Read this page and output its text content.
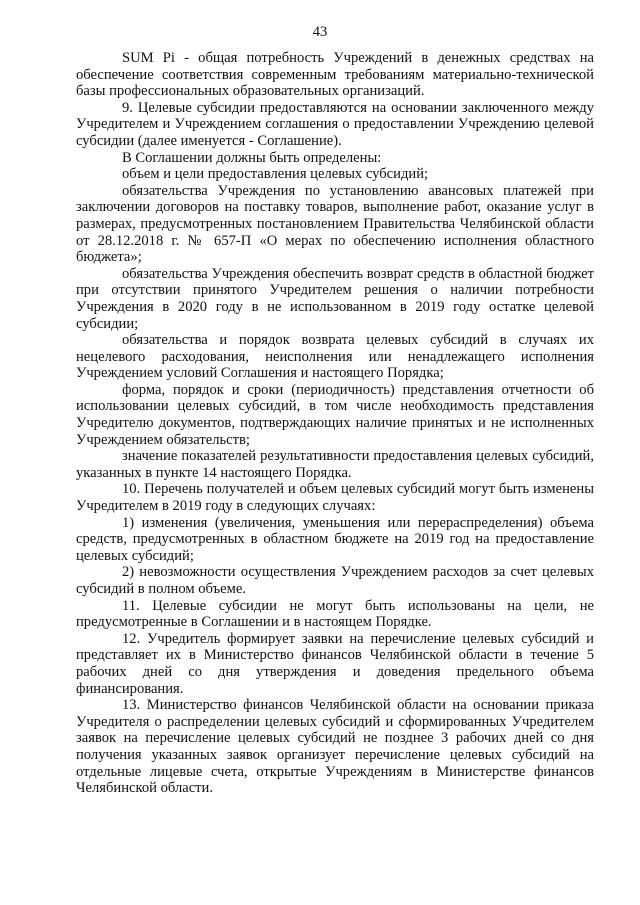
43

SUM Pi - общая потребность Учреждений в денежных средствах на обеспечение соответствия современным требованиям материально-технической базы профессиональных образовательных организаций.

9. Целевые субсидии предоставляются на основании заключенного между Учредителем и Учреждением соглашения о предоставлении Учреждению целевой субсидии (далее именуется - Соглашение).

В Соглашении должны быть определены:

объем и цели предоставления целевых субсидий;

обязательства Учреждения по установлению авансовых платежей при заключении договоров на поставку товаров, выполнение работ, оказание услуг в размерах, предусмотренных постановлением Правительства Челябинской области от 28.12.2018 г. № 657-П «О мерах по обеспечению исполнения областного бюджета»;

обязательства Учреждения обеспечить возврат средств в областной бюджет при отсутствии принятого Учредителем решения о наличии потребности Учреждения в 2020 году в не использованном в 2019 году остатке целевой субсидии;

обязательства и порядок возврата целевых субсидий в случаях их нецелевого расходования, неисполнения или ненадлежащего исполнения Учреждением условий Соглашения и настоящего Порядка;

форма, порядок и сроки (периодичность) представления отчетности об использовании целевых субсидий, в том числе необходимость представления Учредителю документов, подтверждающих наличие принятых и не исполненных Учреждением обязательств;

значение показателей результативности предоставления целевых субсидий, указанных в пункте 14 настоящего Порядка.

10. Перечень получателей и объем целевых субсидий могут быть изменены Учредителем в 2019 году в следующих случаях:

1) изменения (увеличения, уменьшения или перераспределения) объема средств, предусмотренных в областном бюджете на 2019 год на предоставление целевых субсидий;

2) невозможности осуществления Учреждением расходов за счет целевых субсидий в полном объеме.

11. Целевые субсидии не могут быть использованы на цели, не предусмотренные в Соглашении и в настоящем Порядке.

12. Учредитель формирует заявки на перечисление целевых субсидий и представляет их в Министерство финансов Челябинской области в течение 5 рабочих дней со дня утверждения и доведения предельного объема финансирования.

13. Министерство финансов Челябинской области на основании приказа Учредителя о распределении целевых субсидий и сформированных Учредителем заявок на перечисление целевых субсидий не позднее 3 рабочих дней со дня получения указанных заявок организует перечисление целевых субсидий на отдельные лицевые счета, открытые Учреждениям в Министерстве финансов Челябинской области.
